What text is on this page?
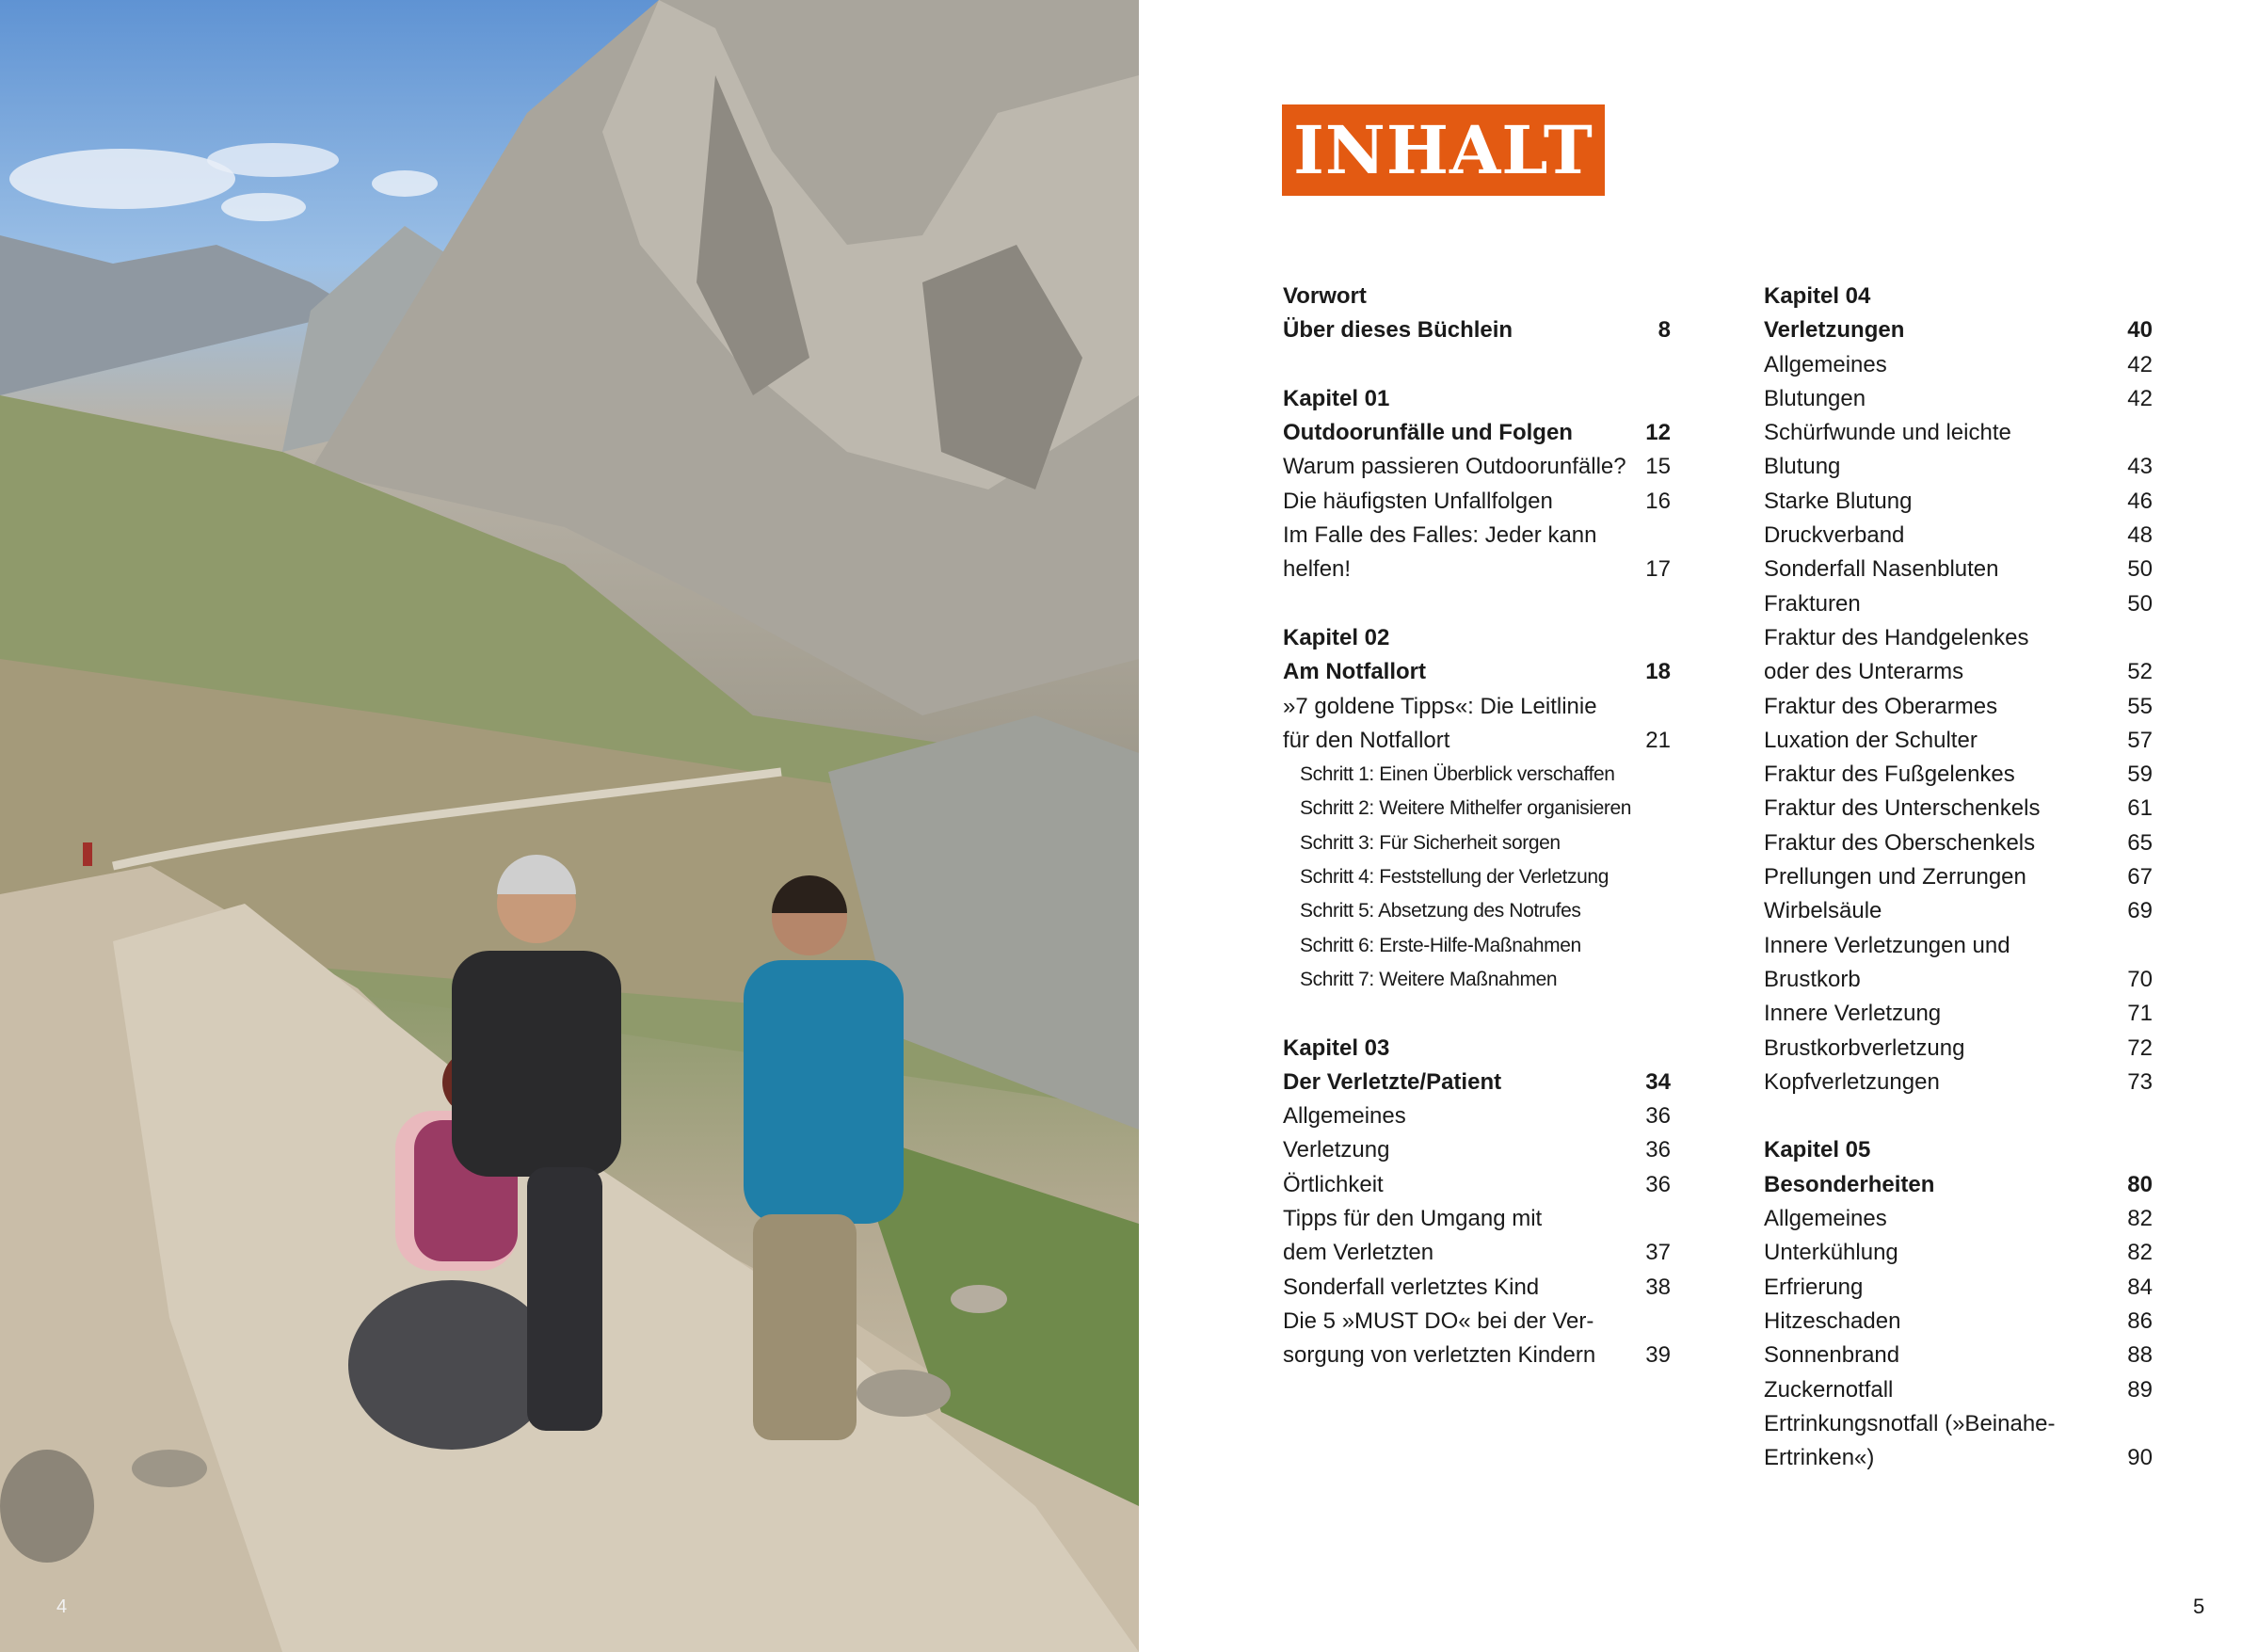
4
INHALT
Vorwort
Über dieses Büchlein	8
Kapitel 01
Outdoorunfälle und Folgen	12
Warum passieren Outdoorunfälle? 15
Die häufigsten Unfallfolgen	16
Im Falle des Falles: Jeder kann
helfen!	17
Kapitel 02
Am Notfallort	18
»7 goldene Tipps«: Die Leitlinie
für den Notfallort	21
Schritt 1: Einen Überblick verschaffen
Schritt 2: Weitere Mithelfer organisieren
Schritt 3: Für Sicherheit sorgen
Schritt 4: Feststellung der Verletzung
Schritt 5: Absetzung des Notrufes
Schritt 6: Erste-Hilfe-Maßnahmen
Schritt 7: Weitere Maßnahmen
Kapitel 03
Der Verletzte/Patient	34
Allgemeines	36
Verletzung	36
Örtlichkeit	36
Tipps für den Umgang mit
dem Verletzten	37
Sonderfall verletztes Kind	38
Die 5 »MUST DO« bei der Ver-
sorgung von verletzten Kindern	39
Kapitel 04
Verletzungen	40
Allgemeines	42
Blutungen	42
Schürfwunde und leichte
Blutung	43
Starke Blutung	46
Druckverband	48
Sonderfall Nasenbluten	50
Frakturen	50
Fraktur des Handgelenkes
oder des Unterarms	52
Fraktur des Oberarmes	55
Luxation der Schulter	57
Fraktur des Fußgelenkes	59
Fraktur des Unterschenkels	61
Fraktur des Oberschenkels	65
Prellungen und Zerrungen	67
Wirbelsäule	69
Innere Verletzungen und
Brustkorb	70
Innere Verletzung	71
Brustkorbverletzung	72
Kopfverletzungen	73
Kapitel 05
Besonderheiten	80
Allgemeines	82
Unterkühlung	82
Erfrierung	84
Hitzeschaden	86
Sonnenbrand	88
Zuckernotfall	89
Ertrinkungsnotfall (»Beinahe-
Ertrinken«)	90
5
